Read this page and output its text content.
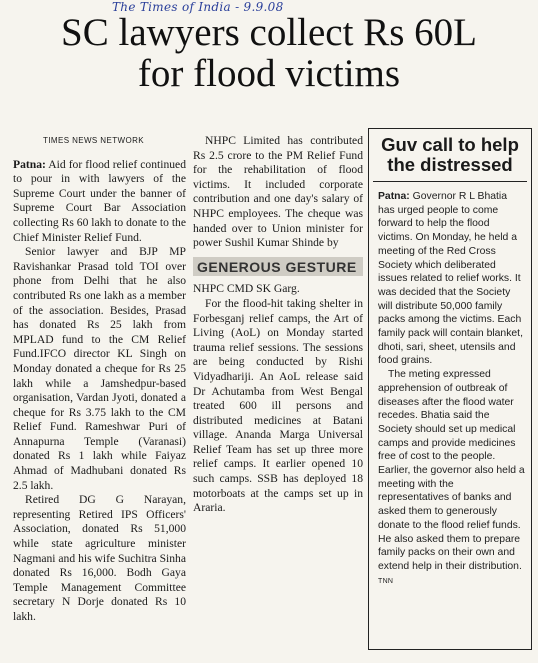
The Times of India - 9.9.08
SC lawyers collect Rs 60L
for flood victims

TIMES NEWS NETWORK

Patna: Aid for flood relief continued to pour in with lawyers of the Supreme Court under the banner of Supreme Court Bar Association collecting Rs 60 lakh to donate to the Chief Minister Relief Fund.

Senior lawyer and BJP MP Ravishankar Prasad told TOI over phone from Delhi that he also contributed Rs one lakh as a member of the association. Besides, Prasad has donated Rs 25 lakh from MPLAD fund to the CM Relief Fund.IFCO director KL Singh on Monday donated a cheque for Rs 25 lakh while a Jamshedpur-based organisation, Vardan Jyoti, donated a cheque for Rs 3.75 lakh to the CM Relief Fund. Rameshwar Puri of Annapurna Temple (Varanasi) donated Rs 1 lakh while Faiyaz Ahmad of Madhubani donated Rs 2.5 lakh.

Retired DG G Narayan, representing Retired IPS Officers' Association, donated Rs 51,000 while state agriculture minister Nagmani and his wife Suchitra Sinha donated Rs 16,000. Bodh Gaya Temple Management Committee secretary N Dorje donated Rs 10 lakh.

NHPC Limited has contributed Rs 2.5 crore to the PM Relief Fund for the rehabilitation of flood victims. It included corporate contribution and one day's salary of NHPC employees. The cheque was handed over to Union minister for power Sushil Kumar Shinde by

GENEROUS GESTURE

NHPC CMD SK Garg.

For the flood-hit taking shelter in Forbesganj relief camps, the Art of Living (AoL) on Monday started trauma relief sessions. The sessions are being conducted by Rishi Vidyadhariji. An AoL release said Dr Achutamba from West Bengal treated 600 ill persons and distributed medicines at Batani village. Ananda Marga Universal Relief Team has set up three more relief camps. It earlier opened 10 such camps. SSB has deployed 18 motorboats at the camps set up in Araria.

Guv call to help the distressed

Patna: Governor R L Bhatia has urged people to come forward to help the flood victims. On Monday, he held a meeting of the Red Cross Society which deliberated issues related to relief works. It was decided that the Society will distribute 50,000 family packs among the victims. Each family pack will contain blanket, dhoti, sari, sheet, utensils and food grains.

The meting expressed apprehension of outbreak of diseases after the flood water recedes. Bhatia said the Society should set up medical camps and provide medicines free of cost to the people. Earlier, the governor also held a meeting with the representatives of banks and asked them to generously donate to the flood relief funds. He also asked them to prepare family packs on their own and extend help in their distribution. TNN
